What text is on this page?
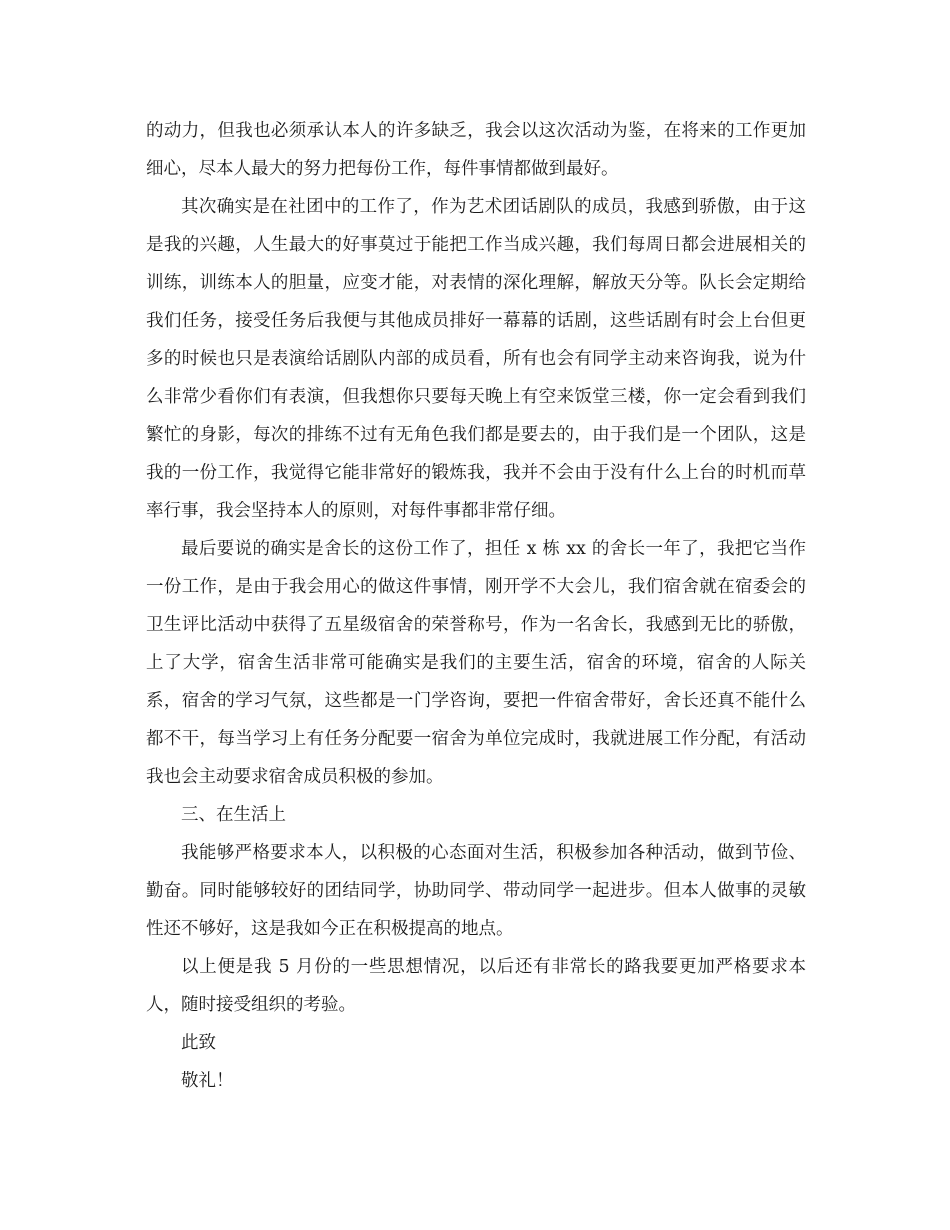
的动力，但我也必须承认本人的许多缺乏，我会以这次活动为鉴，在将来的工作更加细心，尽本人最大的努力把每份工作，每件事情都做到最好。

其次确实是在社团中的工作了，作为艺术团话剧队的成员，我感到骄傲，由于这是我的兴趣，人生最大的好事莫过于能把工作当成兴趣，我们每周日都会进展相关的训练，训练本人的胆量，应变才能，对表情的深化理解，解放天分等。队长会定期给我们任务，接受任务后我便与其他成员排好一幕幕的话剧，这些话剧有时会上台但更多的时候也只是表演给话剧队内部的成员看，所有也会有同学主动来咨询我，说为什么非常少看你们有表演，但我想你只要每天晚上有空来饭堂三楼，你一定会看到我们繁忙的身影，每次的排练不过有无角色我们都是要去的，由于我们是一个团队，这是我的一份工作，我觉得它能非常好的锻炼我，我并不会由于没有什么上台的时机而草率行事，我会坚持本人的原则，对每件事都非常仔细。

最后要说的确实是舍长的这份工作了，担任 x 栋 xx 的舍长一年了，我把它当作一份工作，是由于我会用心的做这件事情，刚开学不大会儿，我们宿舍就在宿委会的卫生评比活动中获得了五星级宿舍的荣誉称号，作为一名舍长，我感到无比的骄傲，上了大学，宿舍生活非常可能确实是我们的主要生活，宿舍的环境，宿舍的人际关系，宿舍的学习气氛，这些都是一门学咨询，要把一件宿舍带好，舍长还真不能什么都不干，每当学习上有任务分配要一宿舍为单位完成时，我就进展工作分配，有活动我也会主动要求宿舍成员积极的参加。

三、在生活上

我能够严格要求本人，以积极的心态面对生活，积极参加各种活动，做到节俭、勤奋。同时能够较好的团结同学，协助同学、带动同学一起进步。但本人做事的灵敏性还不够好，这是我如今正在积极提高的地点。

以上便是我 5 月份的一些思想情况，以后还有非常长的路我要更加严格要求本人，随时接受组织的考验。

此致

敬礼！
